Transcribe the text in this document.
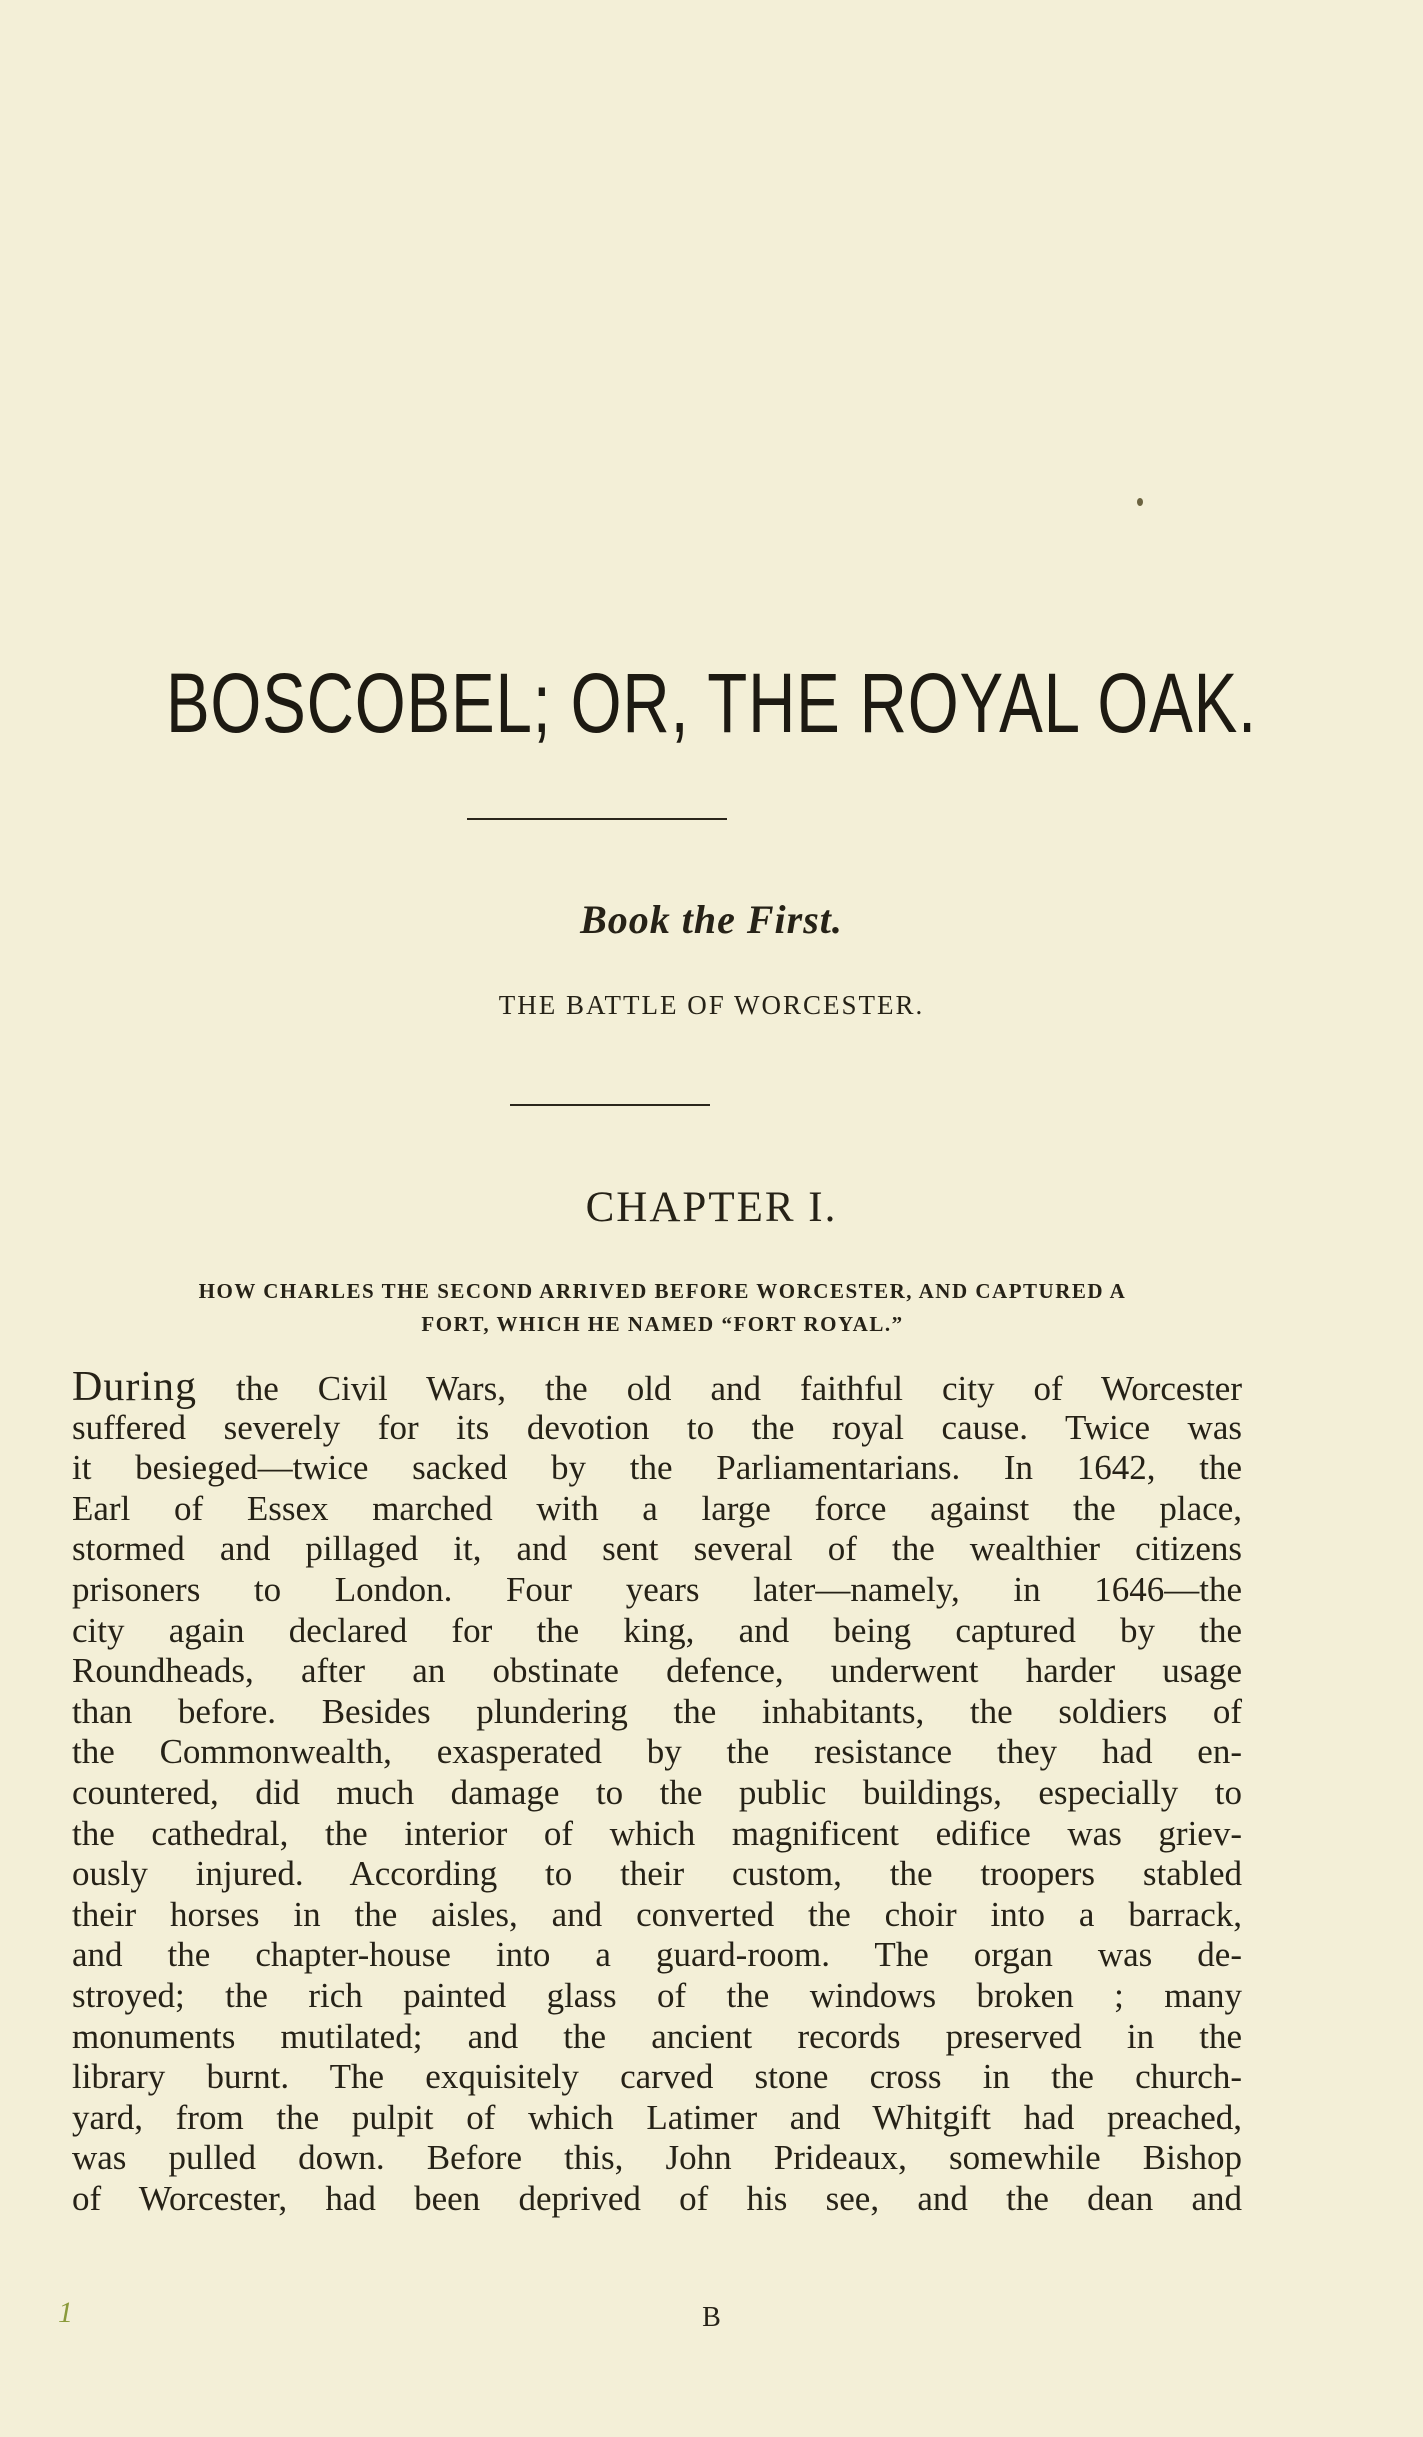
BOSCOBEL; OR, THE ROYAL OAK.
Book the First.
THE BATTLE OF WORCESTER.
CHAPTER I.
HOW CHARLES THE SECOND ARRIVED BEFORE WORCESTER, AND CAPTURED A
FORT, WHICH HE NAMED “FORT ROYAL.”
During the Civil Wars, the old and faithful city of Worcester
suffered severely for its devotion to the royal cause. Twice was
it besieged—twice sacked by the Parliamentarians. In 1642, the
Earl of Essex marched with a large force against the place,
stormed and pillaged it, and sent several of the wealthier citizens
prisoners to London. Four years later—namely, in 1646—the
city again declared for the king, and being captured by the
Roundheads, after an obstinate defence, underwent harder usage
than before. Besides plundering the inhabitants, the soldiers of
the Commonwealth, exasperated by the resistance they had en-
countered, did much damage to the public buildings, especially to
the cathedral, the interior of which magnificent edifice was griev-
ously injured. According to their custom, the troopers stabled
their horses in the aisles, and converted the choir into a barrack,
and the chapter-house into a guard-room. The organ was de-
stroyed; the rich painted glass of the windows broken ; many
monuments mutilated; and the ancient records preserved in the
library burnt. The exquisitely carved stone cross in the church-
yard, from the pulpit of which Latimer and Whitgift had preached,
was pulled down. Before this, John Prideaux, somewhile Bishop
of Worcester, had been deprived of his see, and the dean and
1	B
